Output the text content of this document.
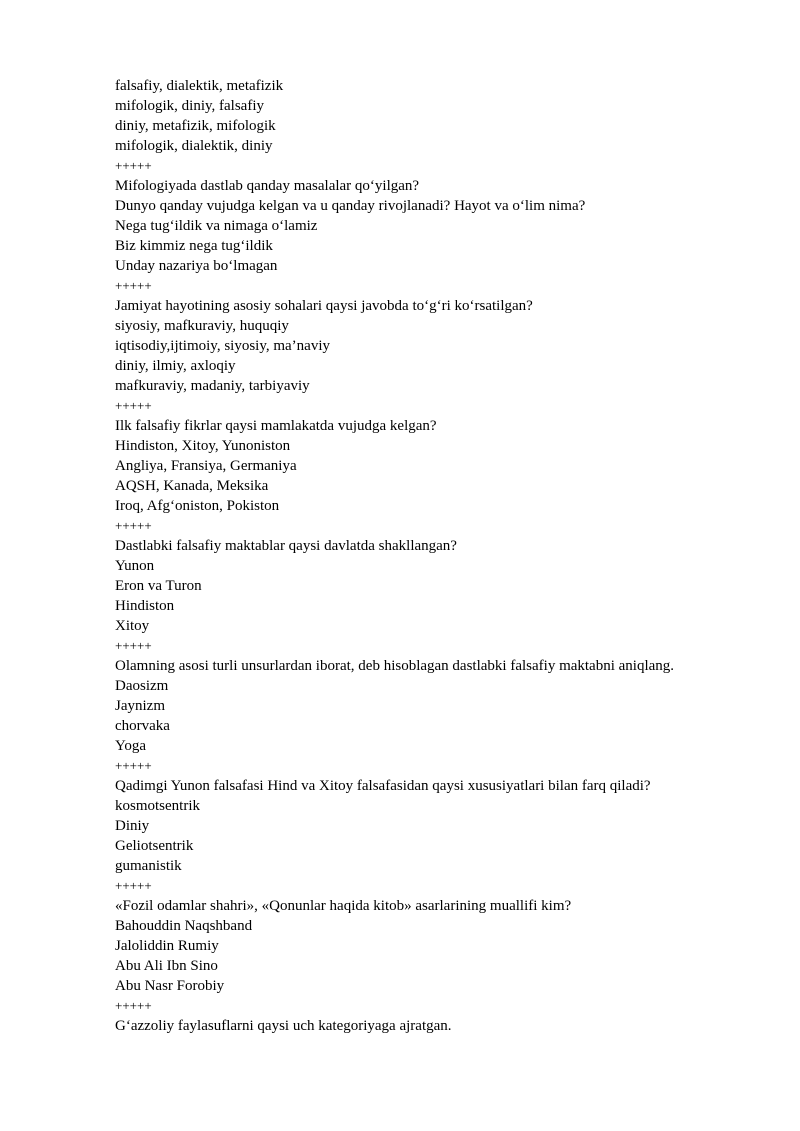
falsafiy, dialektik, metafizik
mifologik, diniy, falsafiy
diniy, metafizik, mifologik
mifologik, dialektik, diniy
+++++
Mifologiyada dastlab qanday masalalar qo‘yilgan?
Dunyo qanday vujudga kelgan va u qanday rivojlanadi? Hayot va o‘lim nima?
Nega tug‘ildik va nimaga o‘lamiz
Biz kimmiz nega tug‘ildik
Unday nazariya bo‘lmagan
+++++
Jamiyat hayotining asosiy sohalari qaysi javobda to‘g‘ri ko‘rsatilgan?
siyosiy, mafkuraviy, huquqiy
iqtisodiy,ijtimoiy, siyosiy, ma’naviy
diniy, ilmiy, axloqiy
mafkuraviy, madaniy, tarbiyaviy
+++++
Ilk falsafiy fikrlar qaysi mamlakatda vujudga kelgan?
Hindiston, Xitoy, Yunoniston
Angliya, Fransiya, Germaniya
AQSH, Kanada, Meksika
Iroq, Afg‘oniston, Pokiston
+++++
Dastlabki falsafiy maktablar qaysi davlatda shakllangan?
Yunon
Eron va Turon
Hindiston
Xitoy
+++++
Olamning asosi turli unsurlardan iborat, deb hisoblagan dastlabki falsafiy maktabni aniqlang.
Daosizm
Jaynizm
chorvaka
Yoga
+++++
Qadimgi Yunon falsafasi Hind va Xitoy falsafasidan qaysi xususiyatlari bilan farq qiladi?
kosmotsentrik
Diniy
Geliotsentrik
gumanistik
+++++
«Fozil odamlar shahri», «Qonunlar haqida kitob» asarlarining muallifi kim?
Bahouddin Naqshband
Jaloliddin Rumiy
Abu Ali Ibn Sino
Abu Nasr Forobiy
+++++
G‘azzoliy faylasuflarni qaysi uch kategoriyaga ajratgan.
